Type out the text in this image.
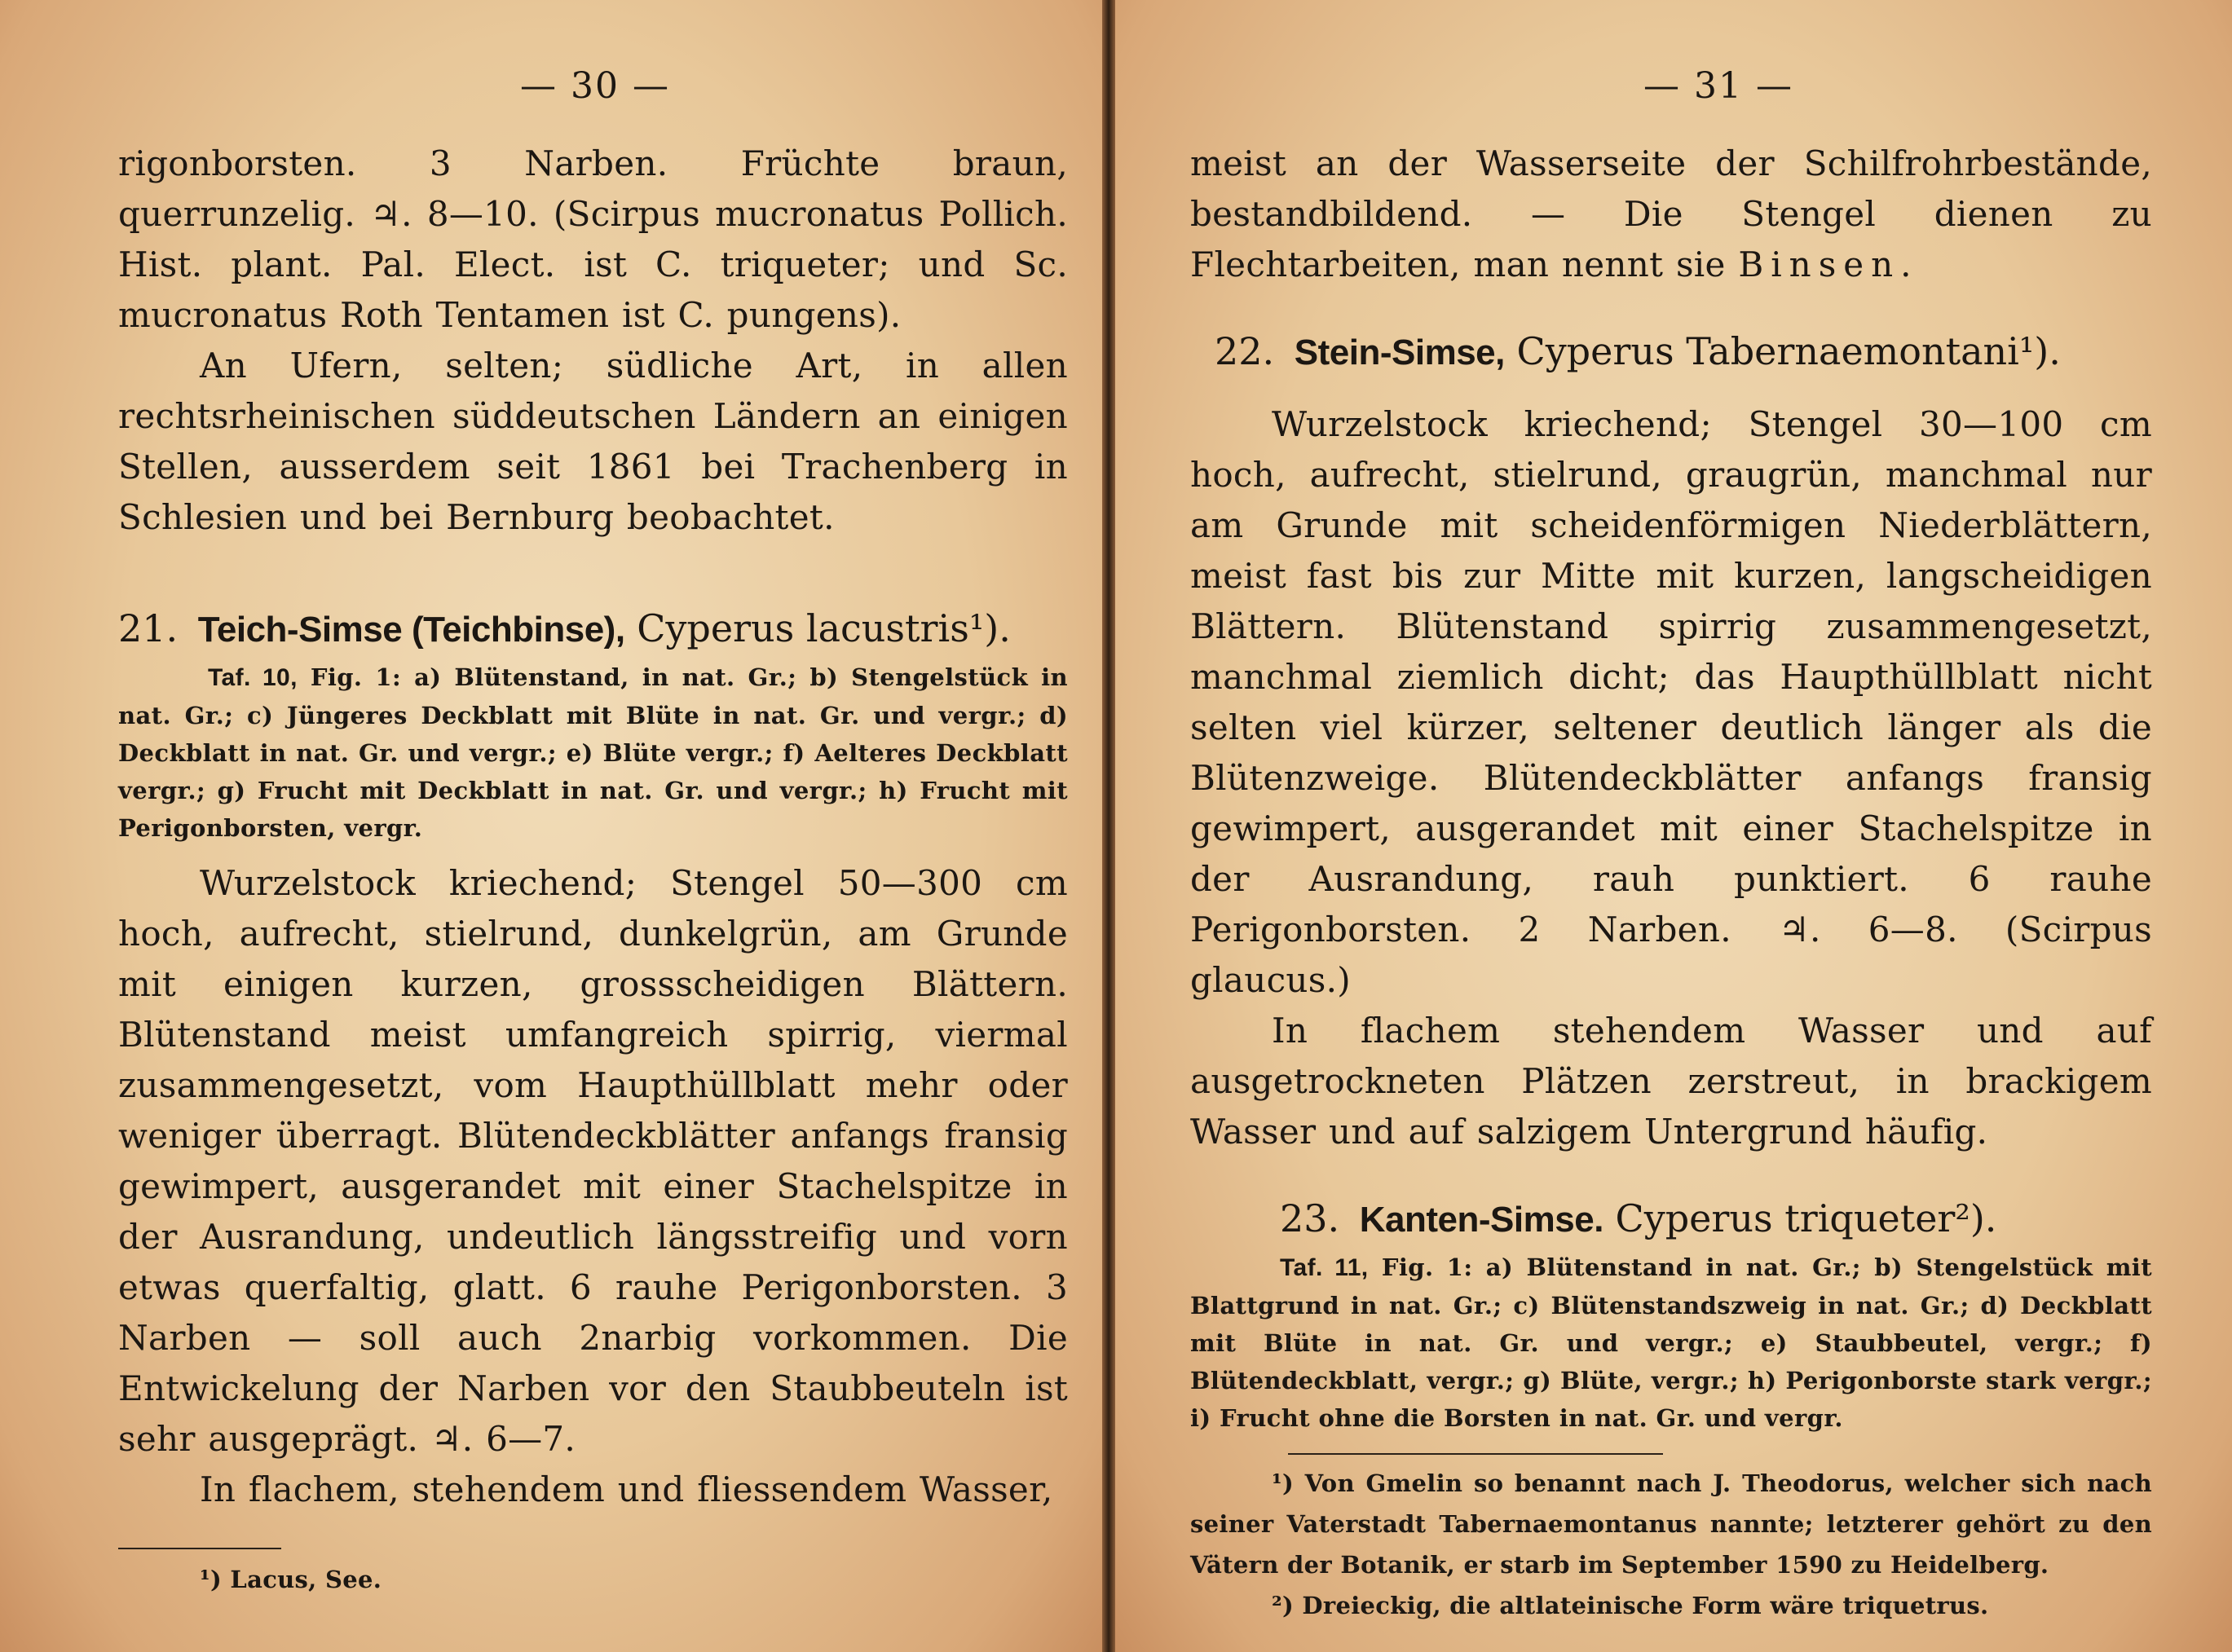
— 30 —

rigonborsten. 3 Narben. Früchte braun, querrunzelig. ♃. 8—10. (Scirpus mucronatus Pollich. Hist. plant. Pal. Elect. ist C. triqueter; und Sc. mucronatus Roth Tentamen ist C. pungens).

An Ufern, selten; südliche Art, in allen rechtsrheinischen süddeutschen Ländern an einigen Stellen, ausserdem seit 1861 bei Trachenberg in Schlesien und bei Bernburg beobachtet.

21. Teich-Simse (Teichbinse), Cyperus lacustris¹).

Taf. 10, Fig. 1: a) Blütenstand, in nat. Gr.; b) Stengelstück in nat. Gr.; c) Jüngeres Deckblatt mit Blüte in nat. Gr. und vergr.; d) Deckblatt in nat. Gr. und vergr.; e) Blüte vergr.; f) Aelteres Deckblatt vergr.; g) Frucht mit Deckblatt in nat. Gr. und vergr.; h) Frucht mit Perigonborsten, vergr.

Wurzelstock kriechend; Stengel 50—300 cm hoch, aufrecht, stielrund, dunkelgrün, am Grunde mit einigen kurzen, grossscheidigen Blättern. Blütenstand meist umfangreich spirrig, viermal zusammengesetzt, vom Haupthüllblatt mehr oder weniger überragt. Blütendeckblätter anfangs fransig gewimpert, ausgerandet mit einer Stachelspitze in der Ausrandung, undeutlich längsstreifig und vorn etwas querfaltig, glatt. 6 rauhe Perigonborsten. 3 Narben — soll auch 2narbig vorkommen. Die Entwickelung der Narben vor den Staubbeuteln ist sehr ausgeprägt. ♃. 6—7.

In flachem, stehendem und fliessendem Wasser,

¹) Lacus, See.

— 31 —

meist an der Wasserseite der Schilfrohrbestände, bestandbildend. — Die Stengel dienen zu Flechtarbeiten, man nennt sie Binsen.

22. Stein-Simse, Cyperus Tabernaemontani¹).

Wurzelstock kriechend; Stengel 30—100 cm hoch, aufrecht, stielrund, graugrün, manchmal nur am Grunde mit scheidenförmigen Niederblättern, meist fast bis zur Mitte mit kurzen, langscheidigen Blättern. Blütenstand spirrig zusammengesetzt, manchmal ziemlich dicht; das Haupthüllblatt nicht selten viel kürzer, seltener deutlich länger als die Blütenzweige. Blütendeckblätter anfangs fransig gewimpert, ausgerandet mit einer Stachelspitze in der Ausrandung, rauh punktiert. 6 rauhe Perigonborsten. 2 Narben. ♃. 6—8. (Scirpus glaucus.)

In flachem stehendem Wasser und auf ausgetrockneten Plätzen zerstreut, in brackigem Wasser und auf salzigem Untergrund häufig.

23. Kanten-Simse. Cyperus triqueter²).

Taf. 11, Fig. 1: a) Blütenstand in nat. Gr.; b) Stengelstück mit Blattgrund in nat. Gr.; c) Blütenstandszweig in nat. Gr.; d) Deckblatt mit Blüte in nat. Gr. und vergr.; e) Staubbeutel, vergr.; f) Blütendeckblatt, vergr.; g) Blüte, vergr.; h) Perigonborste stark vergr.; i) Frucht ohne die Borsten in nat. Gr. und vergr.

¹) Von Gmelin so benannt nach J. Theodorus, welcher sich nach seiner Vaterstadt Tabernaemontanus nannte; letzterer gehört zu den Vätern der Botanik, er starb im September 1590 zu Heidelberg.

²) Dreieckig, die altlateinische Form wäre triquetrus.
